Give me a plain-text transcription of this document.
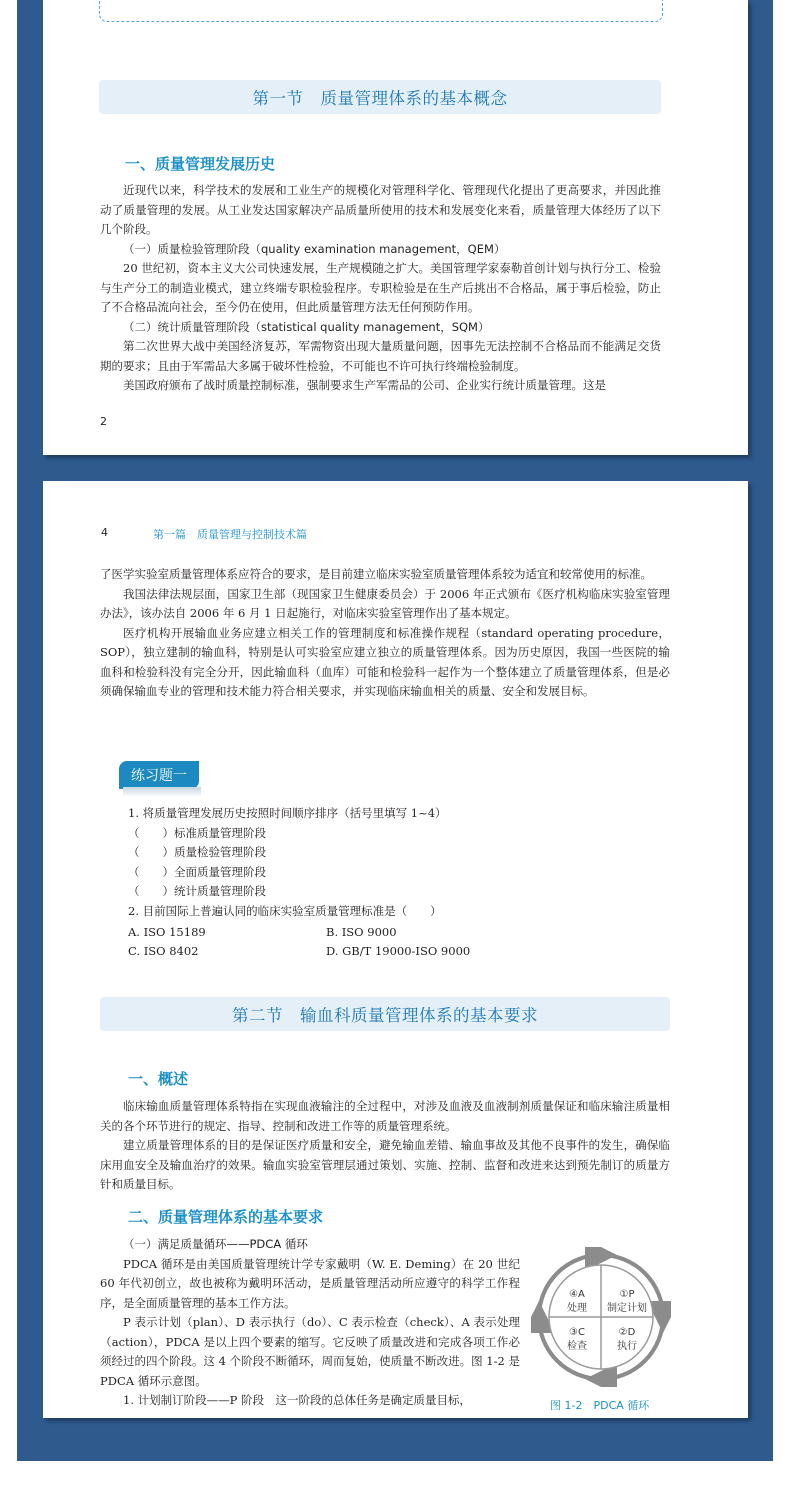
第一节　质量管理体系的基本概念
一、质量管理发展历史

近现代以来，科学技术的发展和工业生产的规模化对管理科学化、管理现代化提出了更高要求，并因此推动了质量管理的发展。从工业发达国家解决产品质量所使用的技术和发展变化来看，质量管理大体经历了以下几个阶段。

（一）质量检验管理阶段（quality examination management，QEM）

20 世纪初，资本主义大公司快速发展，生产规模随之扩大。美国管理学家泰勒首创计划与执行分工、检验与生产分工的制造业模式，建立终端专职检验程序。专职检验是在生产后挑出不合格品，属于事后检验，防止了不合格品流向社会，至今仍在使用，但此质量管理方法无任何预防作用。

（二）统计质量管理阶段（statistical quality management，SQM）

第二次世界大战中美国经济复苏，军需物资出现大量质量问题，因事先无法控制不合格品而不能满足交货期的要求；且由于军需品大多属于破坏性检验，不可能也不许可执行终端检验制度。

美国政府颁布了战时质量控制标准，强制要求生产军需品的公司、企业实行统计质量管理。这是

2
4	第一篇　质量管理与控制技术篇

了医学实验室质量管理体系应符合的要求，是目前建立临床实验室质量管理体系较为适宜和较常使用的标准。

我国法律法规层面，国家卫生部（现国家卫生健康委员会）于 2006 年正式颁布《医疗机构临床实验室管理办法》，该办法自 2006 年 6 月 1 日起施行，对临床实验室管理作出了基本规定。

医疗机构开展输血业务应建立相关工作的管理制度和标准操作规程（standard operating procedure，SOP），独立建制的输血科，特别是认可实验室应建立独立的质量管理体系。因为历史原因，我国一些医院的输血科和检验科没有完全分开，因此输血科（血库）可能和检验科一起作为一个整体建立了质量管理体系，但是必须确保输血专业的管理和技术能力符合相关要求，并实现临床输血相关的质量、安全和发展目标。

练习题一
1. 将质量管理发展历史按照时间顺序排序（括号里填写 1~4）
（　　）标准质量管理阶段
（　　）质量检验管理阶段
（　　）全面质量管理阶段
（　　）统计质量管理阶段
2. 目前国际上普遍认同的临床实验室质量管理标准是（　　）
A. ISO 15189	B. ISO 9000
C. ISO 8402	D. GB/T 19000-ISO 9000
第二节　输血科质量管理体系的基本要求
一、概述

临床输血质量管理体系特指在实现血液输注的全过程中，对涉及血液及血液制剂质量保证和临床输注质量相关的各个环节进行的规定、指导、控制和改进工作等的质量管理系统。

建立质量管理体系的目的是保证医疗质量和安全，避免输血差错、输血事故及其他不良事件的发生，确保临床用血安全及输血治疗的效果。输血实验室管理层通过策划、实施、控制、监督和改进来达到预先制订的质量方针和质量目标。

二、质量管理体系的基本要求

（一）满足质量循环——PDCA 循环

PDCA 循环是由美国质量管理统计学专家戴明（W. E. Deming）在 20 世纪 60 年代初创立，故也被称为戴明环活动，是质量管理活动所应遵守的科学工作程序，是全面质量管理的基本工作方法。

P 表示计划（plan）、D 表示执行（do）、C 表示检查（check）、A 表示处理（action），PDCA 是以上四个要素的缩写。它反映了质量改进和完成各项工作必须经过的四个阶段。这 4 个阶段不断循环，周而复始，使质量不断改进。图 1-2 是 PDCA 循环示意图。

1. 计划制订阶段——P 阶段　这一阶段的总体任务是确定质量目标，

④A
处理
①P
制定计划
③C
检查
②D
执行
图 1-2　PDCA 循环
